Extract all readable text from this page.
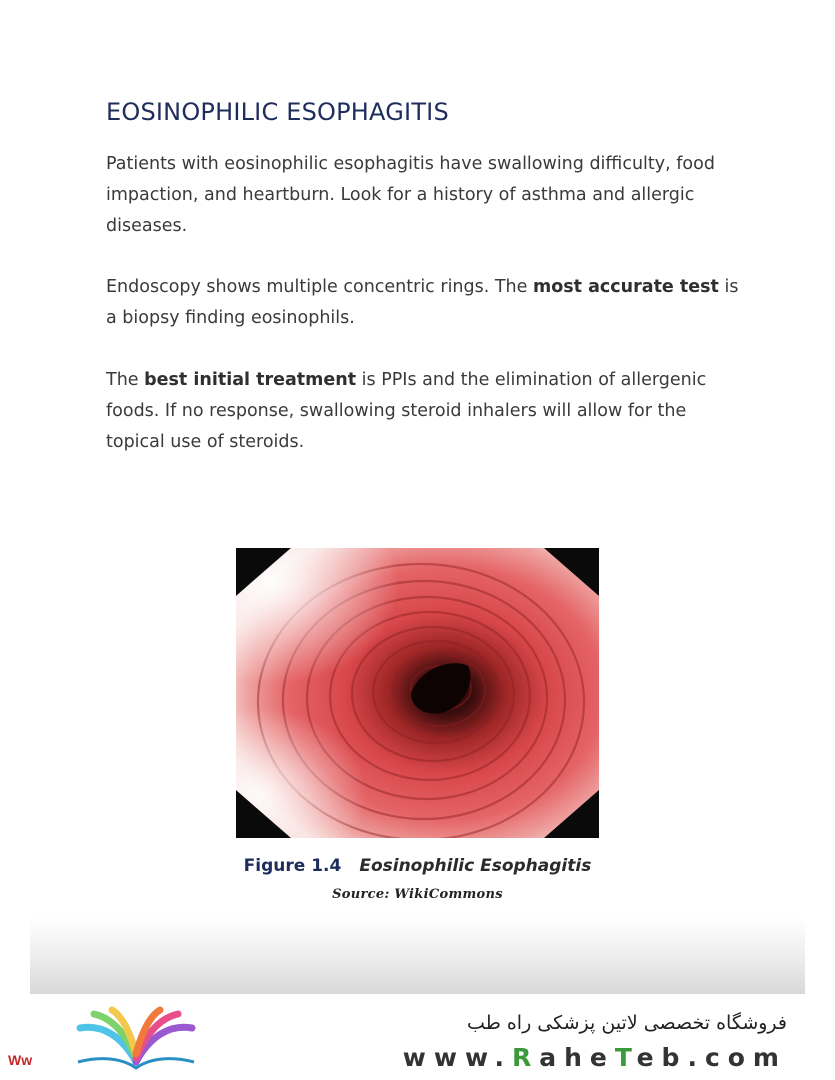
EOSINOPHILIC ESOPHAGITIS

Patients with eosinophilic esophagitis have swallowing difficulty, food impaction, and heartburn. Look for a history of asthma and allergic diseases.

Endoscopy shows multiple concentric rings. The most accurate test is a biopsy finding eosinophils.

The best initial treatment is PPIs and the elimination of allergenic foods. If no response, swallowing steroid inhalers will allow for the topical use of steroids.

Figure 1.4 Eosinophilic Esophagitis
Source: WikiCommons
Ww
فروشگاه تخصصی لاتین پزشکی راه طب
www.RaheTeb.com
